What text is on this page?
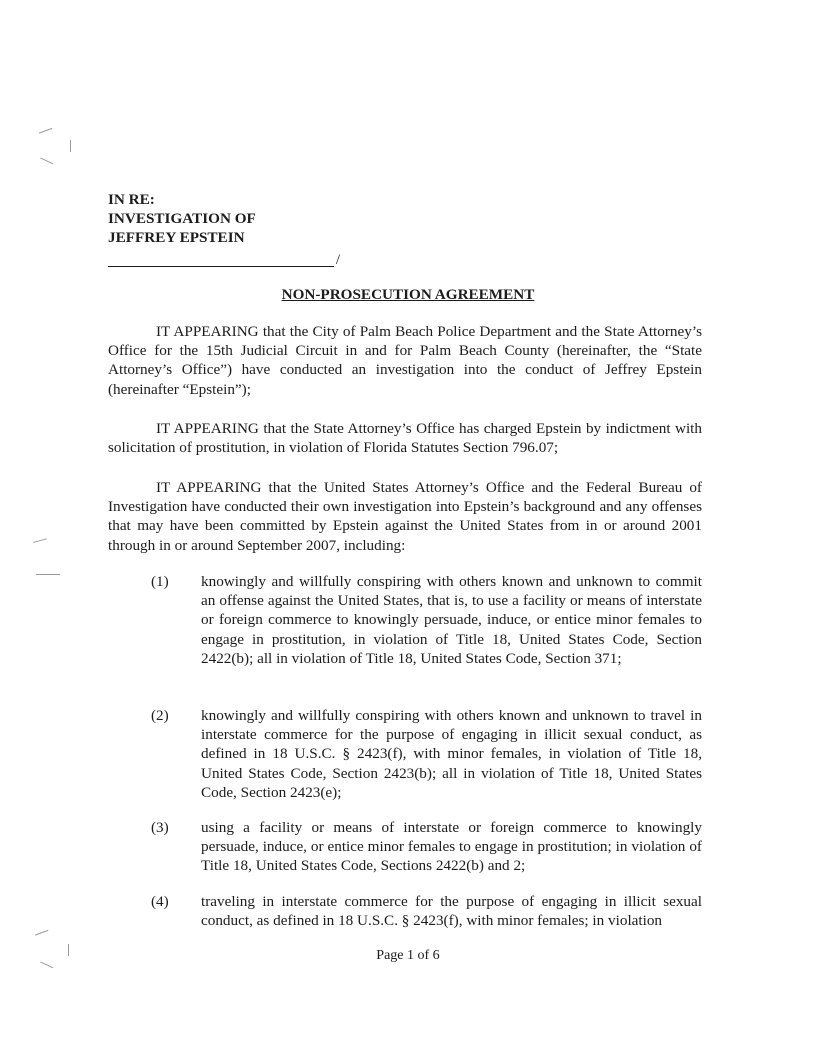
IN RE:
INVESTIGATION OF
JEFFREY EPSTEIN
/
NON-PROSECUTION AGREEMENT
IT APPEARING that the City of Palm Beach Police Department and the State Attorney’s Office for the 15th Judicial Circuit in and for Palm Beach County (hereinafter, the “State Attorney’s Office”) have conducted an investigation into the conduct of Jeffrey Epstein (hereinafter “Epstein”);
IT APPEARING that the State Attorney’s Office has charged Epstein by indictment with solicitation of prostitution, in violation of Florida Statutes Section 796.07;
IT APPEARING that the United States Attorney’s Office and the Federal Bureau of Investigation have conducted their own investigation into Epstein’s background and any offenses that may have been committed by Epstein against the United States from in or around 2001 through in or around September 2007, including:
(1)	knowingly and willfully conspiring with others known and unknown to commit an offense against the United States, that is, to use a facility or means of interstate or foreign commerce to knowingly persuade, induce, or entice minor females to engage in prostitution, in violation of Title 18, United States Code, Section 2422(b); all in violation of Title 18, United States Code, Section 371;
(2)	knowingly and willfully conspiring with others known and unknown to travel in interstate commerce for the purpose of engaging in illicit sexual conduct, as defined in 18 U.S.C. § 2423(f), with minor females, in violation of Title 18, United States Code, Section 2423(b); all in violation of Title 18, United States Code, Section 2423(e);
(3)	using a facility or means of interstate or foreign commerce to knowingly persuade, induce, or entice minor females to engage in prostitution; in violation of Title 18, United States Code, Sections 2422(b) and 2;
(4)	traveling in interstate commerce for the purpose of engaging in illicit sexual conduct, as defined in 18 U.S.C. § 2423(f), with minor females; in violation
Page 1 of 6
